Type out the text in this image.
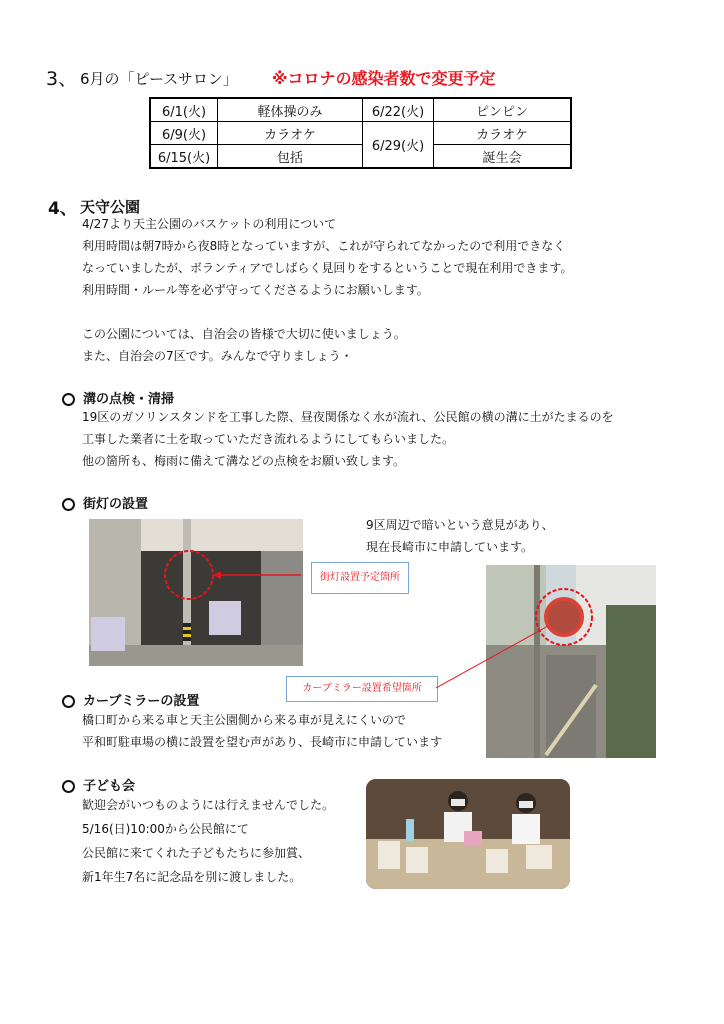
3、 6月の「ピースサロン」 ※コロナの感染者数で変更予定
6/1(火)	軽体操のみ	6/22(火)	ピンピン
6/9(火)	カラオケ	6/29(火)	カラオケ
6/15(火)	包括		誕生会
4、 天守公園
4/27より天主公園のバスケットの利用について
利用時間は朝7時から夜8時となっていますが、これが守られてなかったので利用できなく
なっていましたが、ボランティアでしばらく見回りをするということで現在利用できます。
利用時間・ルール等を必ず守ってくださるようにお願いします。
この公園については、自治会の皆様で大切に使いましょう。
また、自治会の7区です。みんなで守りましょう・
溝の点検・清掃
19区のガソリンスタンドを工事した際、昼夜関係なく水が流れ、公民館の横の溝に土がたまるのを
工事した業者に土を取っていただき流れるようにしてもらいました。
他の箇所も、梅雨に備えて溝などの点検をお願い致します。
街灯の設置
9区周辺で暗いという意見があり、
現在長崎市に申請しています。
街灯設置予定箇所
カーブミラー設置希望箇所
カーブミラーの設置
橋口町から来る車と天主公園側から来る車が見えにくいので
平和町駐車場の横に設置を望む声があり、長崎市に申請しています
子ども会
歓迎会がいつものようには行えませんでした。
5/16(日)10:00から公民館にて
公民館に来てくれた子どもたちに参加賞、
新1年生7名に記念品を別に渡しました。
